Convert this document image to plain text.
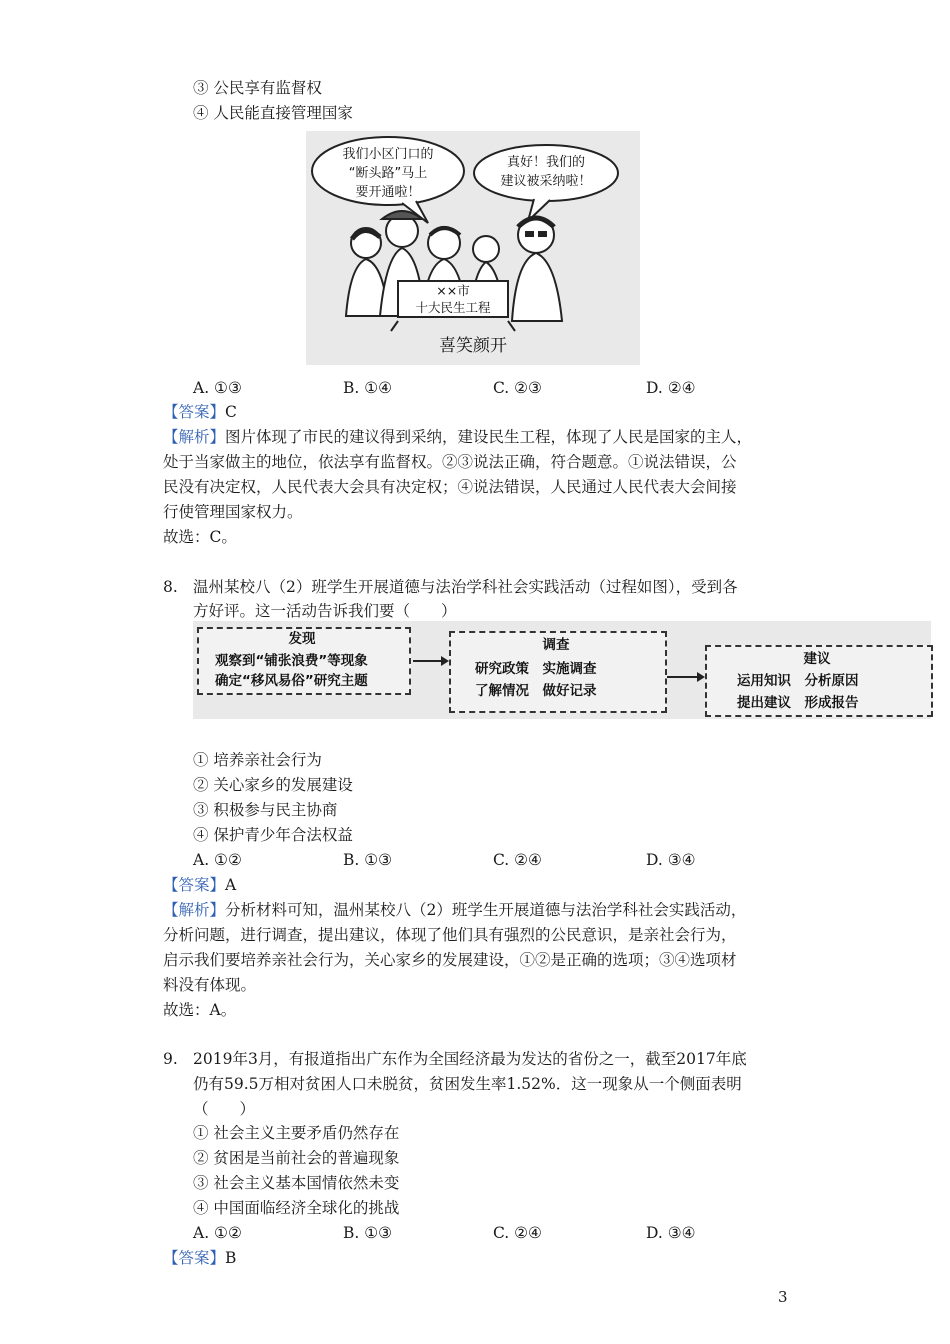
③ 公民享有监督权
④ 人民能直接管理国家
我们小区门口的
“断头路”马上
要开通啦！
真好！我们的
建议被采纳啦！
××市
十大民生工程
喜笑颜开
A. ①③	B. ①④	C. ②③	D. ②④
【答案】C
【解析】图片体现了市民的建议得到采纳，建设民生工程，体现了人民是国家的主人，
处于当家做主的地位，依法享有监督权。②③说法正确，符合题意。①说法错误，公
民没有决定权，人民代表大会具有决定权；④说法错误，人民通过人民代表大会间接
行使管理国家权力。
故选：C。
8. 温州某校八（2）班学生开展道德与法治学科社会实践活动（过程如图），受到各
方好评。这一活动告诉我们要（　　）
发现
观察到“铺张浪费”等现象
确定“移风易俗”研究主题
调查
研究政策　实施调查
了解情况　做好记录
建议
运用知识　分析原因
提出建议　形成报告
① 培养亲社会行为
② 关心家乡的发展建设
③ 积极参与民主协商
④ 保护青少年合法权益
A. ①②	B. ①③	C. ②④	D. ③④
【答案】A
【解析】分析材料可知，温州某校八（2）班学生开展道德与法治学科社会实践活动，
分析问题，进行调查，提出建议，体现了他们具有强烈的公民意识，是亲社会行为，
启示我们要培养亲社会行为，关心家乡的发展建设，①②是正确的选项；③④选项材
料没有体现。
故选：A。
9. 2019年3月，有报道指出广东作为全国经济最为发达的省份之一，截至2017年底
仍有59.5万相对贫困人口未脱贫，贫困发生率1.52%．这一现象从一个侧面表明
（　　）
① 社会主义主要矛盾仍然存在
② 贫困是当前社会的普遍现象
③ 社会主义基本国情依然未变
④ 中国面临经济全球化的挑战
A. ①②	B. ①③	C. ②④	D. ③④
【答案】B
3
